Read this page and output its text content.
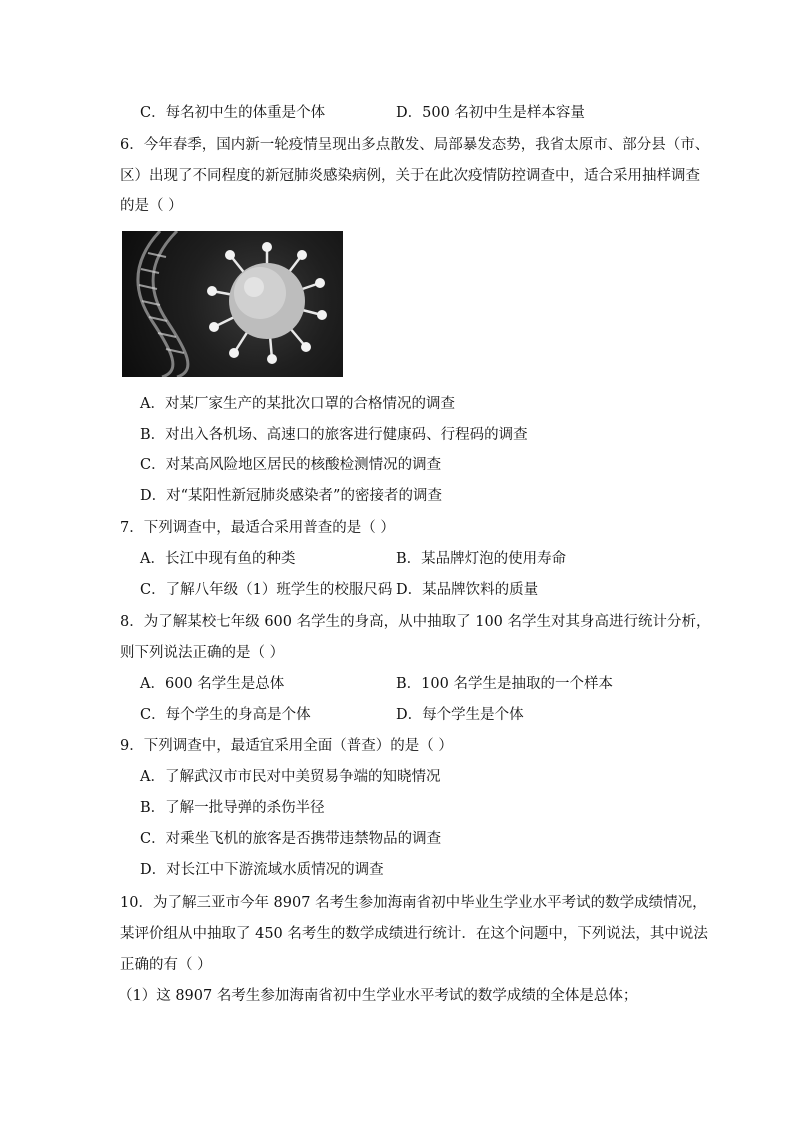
C．每名初中生的体重是个体	D．500 名初中生是样本容量
6．今年春季，国内新一轮疫情呈现出多点散发、局部暴发态势，我省太原市、部分县（市、
区）出现了不同程度的新冠肺炎感染病例，关于在此次疫情防控调查中，适合采用抽样调查
的是（ ）
A．对某厂家生产的某批次口罩的合格情况的调查
B．对出入各机场、高速口的旅客进行健康码、行程码的调查
C．对某高风险地区居民的核酸检测情况的调查
D．对“某阳性新冠肺炎感染者”的密接者的调查
7．下列调查中，最适合采用普查的是（ ）
A．长江中现有鱼的种类	B．某品牌灯泡的使用寿命
C．了解八年级（1）班学生的校服尺码 D．某品牌饮料的质量
8．为了解某校七年级 600 名学生的身高，从中抽取了 100 名学生对其身高进行统计分析，
则下列说法正确的是（ ）
A．600 名学生是总体	B．100 名学生是抽取的一个样本
C．每个学生的身高是个体	D．每个学生是个体
9．下列调查中，最适宜采用全面（普查）的是（ ）
A．了解武汉市市民对中美贸易争端的知晓情况
B．了解一批导弹的杀伤半径
C．对乘坐飞机的旅客是否携带违禁物品的调查
D．对长江中下游流域水质情况的调查
10．为了解三亚市今年 8907 名考生参加海南省初中毕业生学业水平考试的数学成绩情况，
某评价组从中抽取了 450 名考生的数学成绩进行统计．在这个问题中，下列说法，其中说法
正确的有（ ）
（1）这 8907 名考生参加海南省初中生学业水平考试的数学成绩的全体是总体；
